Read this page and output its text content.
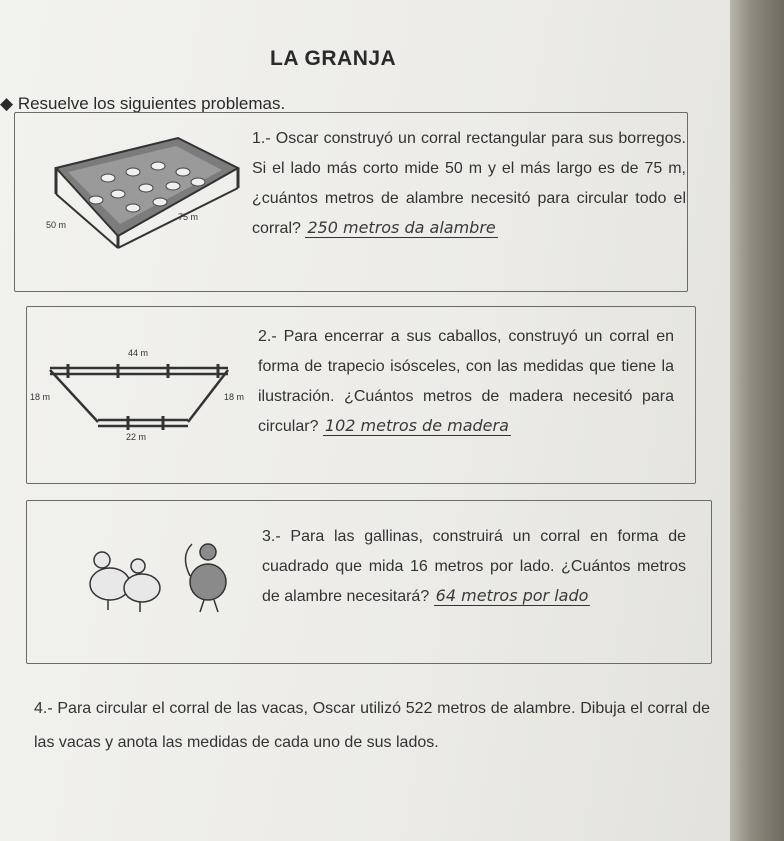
LA GRANJA
◆ Resuelve los siguientes problemas.
75 m
50 m
1.- Oscar construyó un corral rectangular para sus borregos. Si el lado más corto mide 50 m y el más largo es de 75 m, ¿cuántos metros de alambre necesitó para circular todo el corral? 250 metros da alambre
44 m
18 m	18 m
22 m
2.- Para encerrar a sus caballos, construyó un corral en forma de trapecio isósceles, con las medidas que tiene la ilustración. ¿Cuántos metros de madera necesitó para circular? 102 metros de madera
3.- Para las gallinas, construirá un corral en forma de cuadrado que mida 16 metros por lado. ¿Cuántos metros de alambre necesitará? 64 metros por lado
4.- Para circular el corral de las vacas, Oscar utilizó 522 metros de alambre. Dibuja el corral de las vacas y anota las medidas de cada uno de sus lados.
